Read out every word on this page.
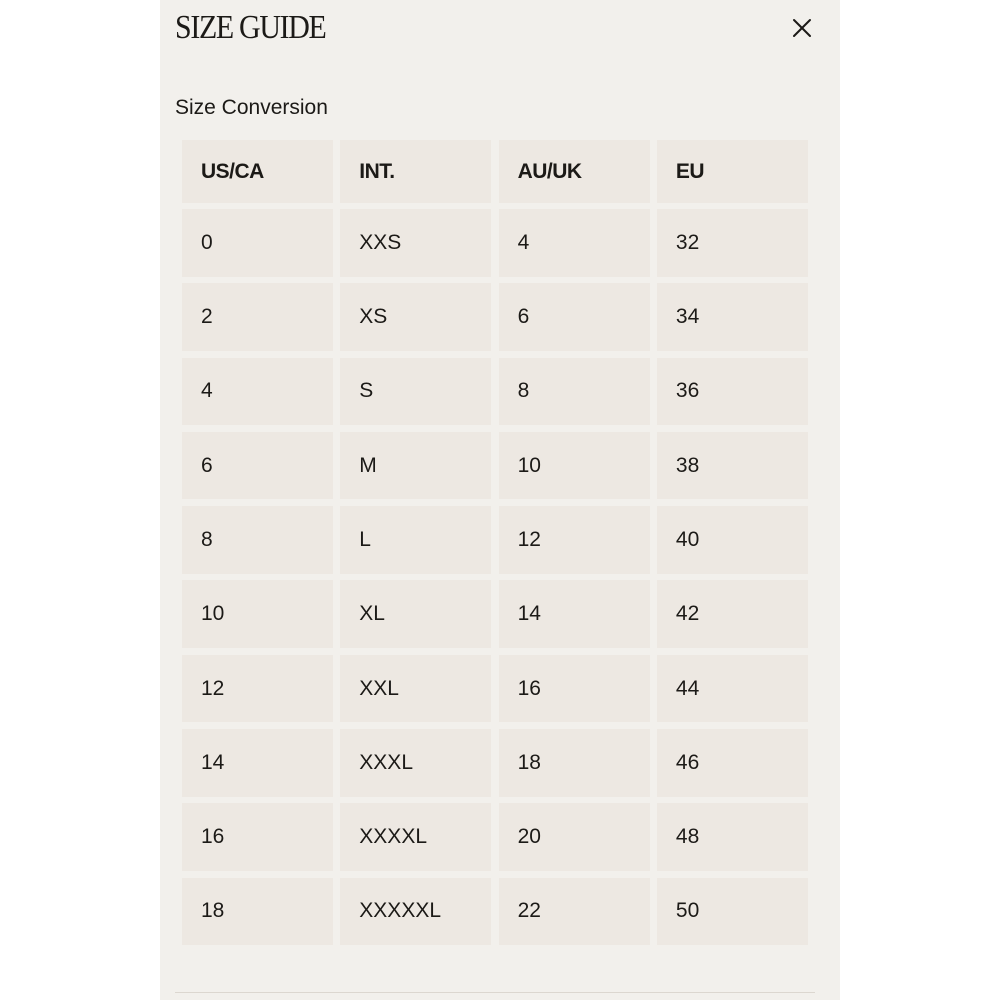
SIZE GUIDE
Size Conversion
US/CA	INT.	AU/UK	EU
0	XXS	4	32
2	XS	6	34
4	S	8	36
6	M	10	38
8	L	12	40
10	XL	14	42
12	XXL	16	44
14	XXXL	18	46
16	XXXXL	20	48
18	XXXXXL	22	50
